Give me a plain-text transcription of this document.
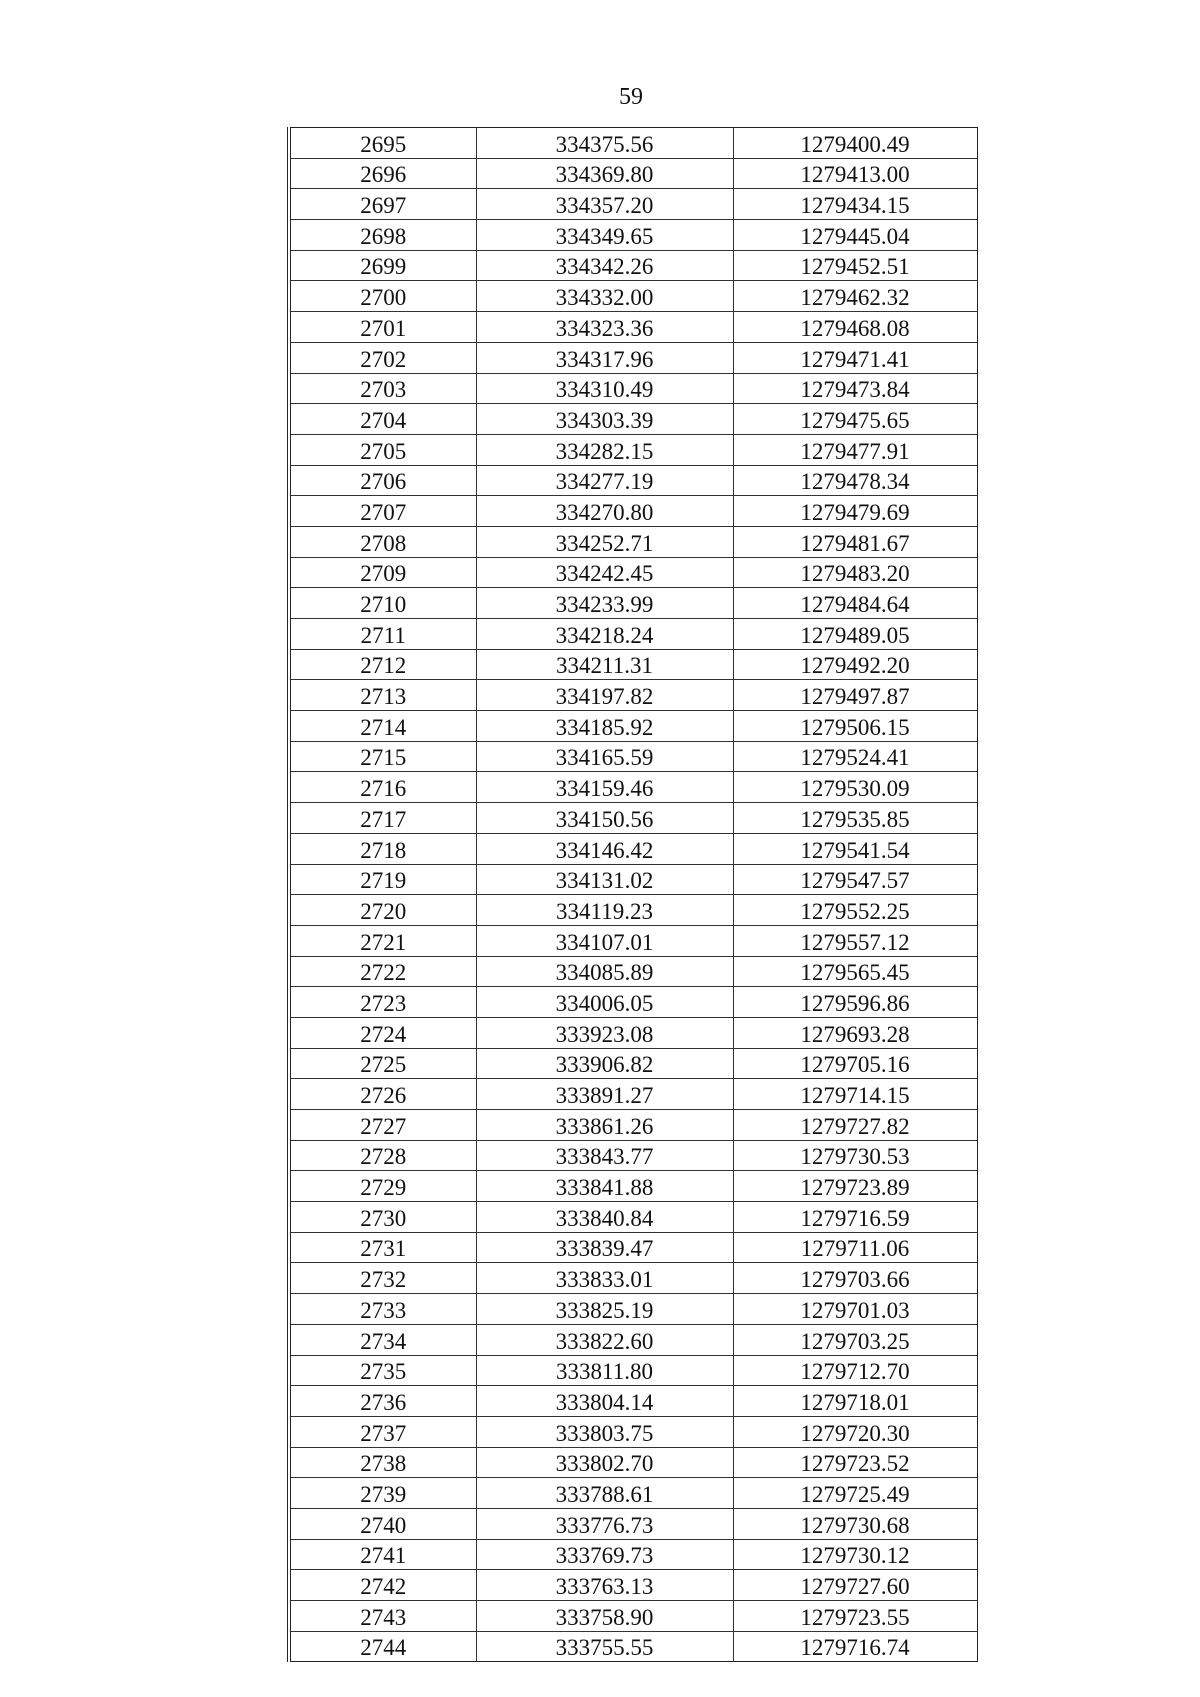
59
2695	334375.56	1279400.49
2696	334369.80	1279413.00
2697	334357.20	1279434.15
2698	334349.65	1279445.04
2699	334342.26	1279452.51
2700	334332.00	1279462.32
2701	334323.36	1279468.08
2702	334317.96	1279471.41
2703	334310.49	1279473.84
2704	334303.39	1279475.65
2705	334282.15	1279477.91
2706	334277.19	1279478.34
2707	334270.80	1279479.69
2708	334252.71	1279481.67
2709	334242.45	1279483.20
2710	334233.99	1279484.64
2711	334218.24	1279489.05
2712	334211.31	1279492.20
2713	334197.82	1279497.87
2714	334185.92	1279506.15
2715	334165.59	1279524.41
2716	334159.46	1279530.09
2717	334150.56	1279535.85
2718	334146.42	1279541.54
2719	334131.02	1279547.57
2720	334119.23	1279552.25
2721	334107.01	1279557.12
2722	334085.89	1279565.45
2723	334006.05	1279596.86
2724	333923.08	1279693.28
2725	333906.82	1279705.16
2726	333891.27	1279714.15
2727	333861.26	1279727.82
2728	333843.77	1279730.53
2729	333841.88	1279723.89
2730	333840.84	1279716.59
2731	333839.47	1279711.06
2732	333833.01	1279703.66
2733	333825.19	1279701.03
2734	333822.60	1279703.25
2735	333811.80	1279712.70
2736	333804.14	1279718.01
2737	333803.75	1279720.30
2738	333802.70	1279723.52
2739	333788.61	1279725.49
2740	333776.73	1279730.68
2741	333769.73	1279730.12
2742	333763.13	1279727.60
2743	333758.90	1279723.55
2744	333755.55	1279716.74
